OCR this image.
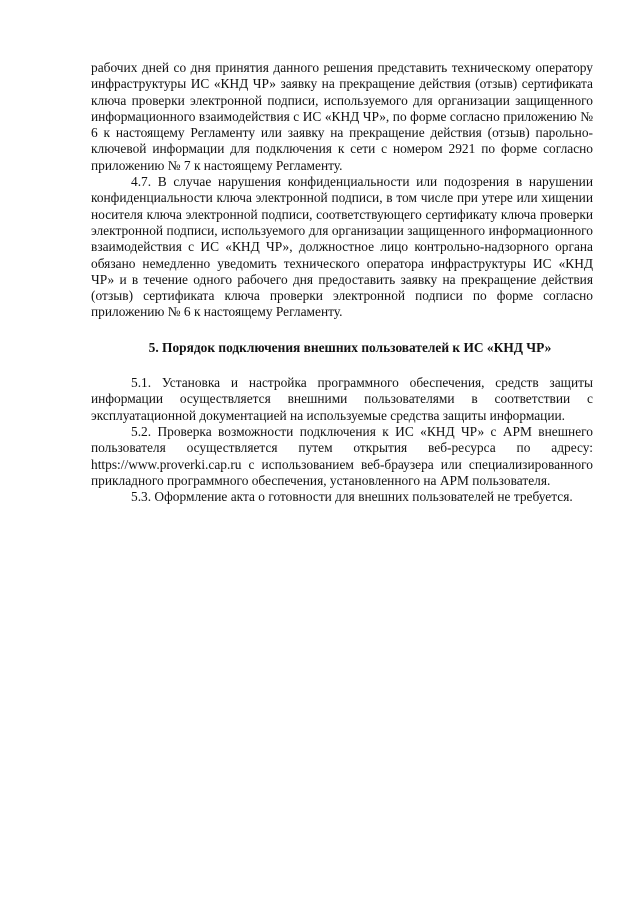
рабочих дней со дня принятия данного решения представить техническому оператору инфраструктуры ИС «КНД ЧР» заявку на прекращение действия (отзыв) сертификата ключа проверки электронной подписи, используемого для организации защищенного информационного взаимодействия с ИС «КНД ЧР», по форме согласно приложению № 6 к настоящему Регламенту или заявку на прекращение действия (отзыв) парольно-ключевой информации для подключения к сети с номером 2921 по форме согласно приложению № 7 к настоящему Регламенту.

4.7. В случае нарушения конфиденциальности или подозрения в нарушении конфиденциальности ключа электронной подписи, в том числе при утере или хищении носителя ключа электронной подписи, соответствующего сертификату ключа проверки электронной подписи, используемого для организации защищенного информационного взаимодействия с ИС «КНД ЧР», должностное лицо контрольно-надзорного органа обязано немедленно уведомить технического оператора инфраструктуры ИС «КНД ЧР» и в течение одного рабочего дня предоставить заявку на прекращение действия (отзыв) сертификата ключа проверки электронной подписи по форме согласно приложению № 6 к настоящему Регламенту.

5. Порядок подключения внешних пользователей к ИС «КНД ЧР»

5.1. Установка и настройка программного обеспечения, средств защиты информации осуществляется внешними пользователями в соответствии с эксплуатационной документацией на используемые средства защиты информации.

5.2. Проверка возможности подключения к ИС «КНД ЧР» с АРМ внешнего пользователя осуществляется путем открытия веб-ресурса по адресу: https://www.proverki.cap.ru с использованием веб-браузера или специализированного прикладного программного обеспечения, установленного на АРМ пользователя.

5.3. Оформление акта о готовности для внешних пользователей не требуется.
